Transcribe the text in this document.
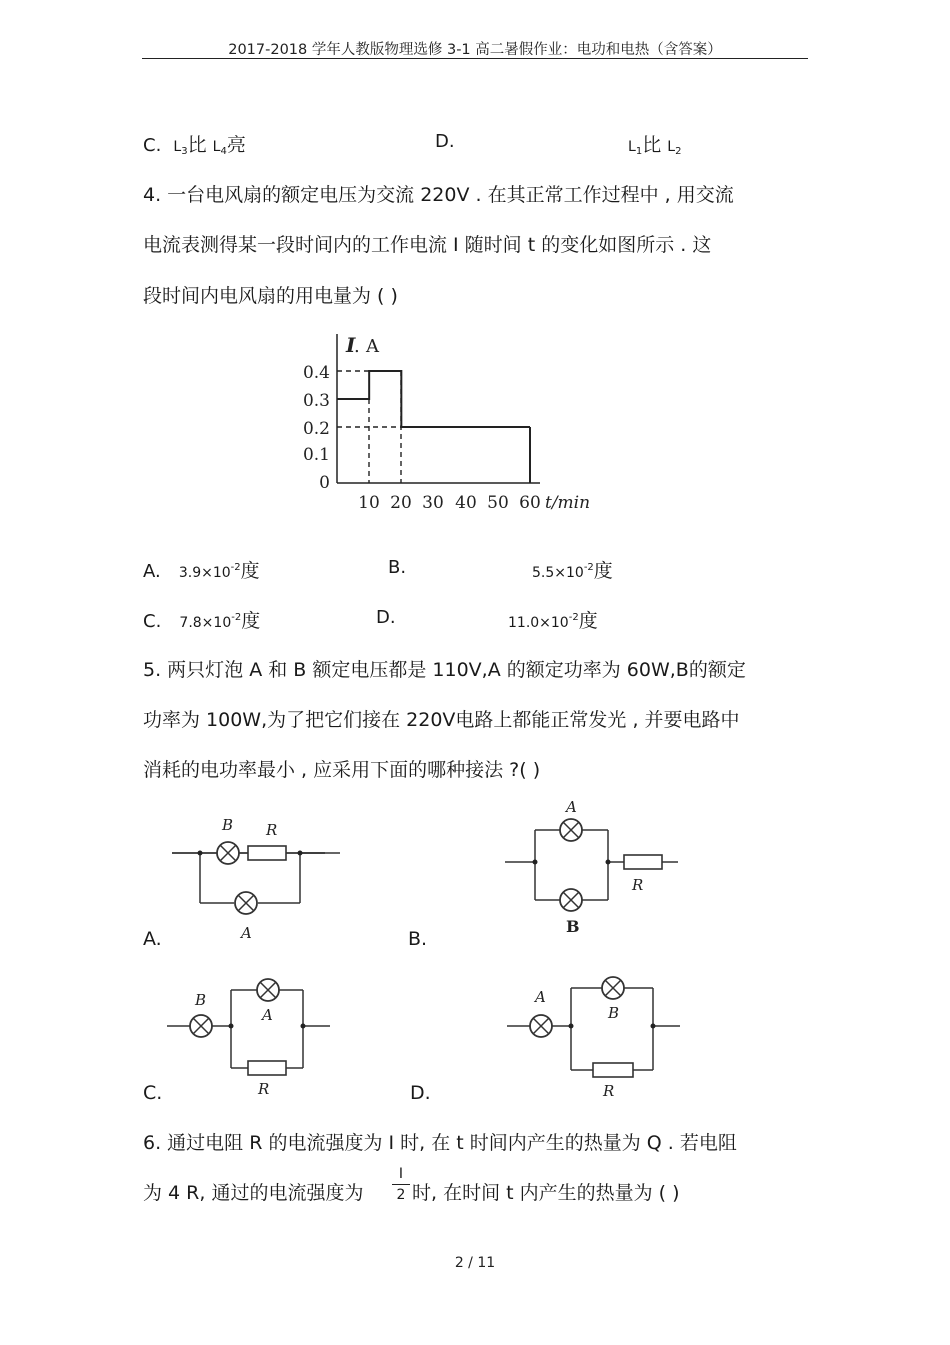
2017-2018 学年人教版物理选修 3-1 高二暑假作业：电功和电热（含答案）
C. $L_3$比 $L_4$亮	D.	$L_1$比 $L_2$
4. 一台电风扇的额定电压为交流 220V . 在其正常工作过程中 , 用交流
电流表测得某一段时间内的工作电流 I 随时间 t 的变化如图所示 . 这
段时间内电风扇的用电量为 ( )
I
. A
0.4
0.3
0.2
0.1
0
10 20 30 40 50 60 t/min
A. $3.9\times 10^{-2}$度	B.	$5.5\times 10^{-2}$度
C. $7.8\times 10^{-2}$度	D.	$11.0\times 10^{-2}$度
5. 两只灯泡 A 和 B 额定电压都是 110V,A 的额定功率为 60W,B的额定
功率为 100W,为了把它们接在 220V电路上都能正常发光 , 并要电路中
消耗的电功率最小 , 应采用下面的哪种接法 ?( )
B R
A
A.
A
R
B
B.
B
A
R
C.
A
B
R
D.
6. 通过电阻 R 的电流强度为 I 时, 在 t 时间内产生的热量为 Q . 若电阻
为 4 R, 通过的电流强度为 $\frac{I}{2}$ 时, 在时间 t 内产生的热量为 ( )
2 / 11
